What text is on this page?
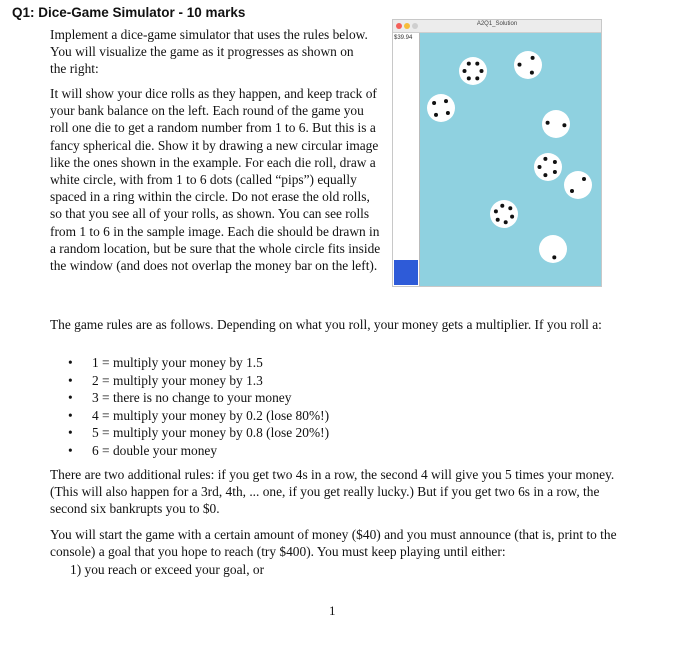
Q1: Dice-Game Simulator - 10 marks

Implement a dice-game simulator that uses the rules below. You will visualize the game as it progresses as shown on the right:

It will show your dice rolls as they happen, and keep track of your bank balance on the left. Each round of the game you roll one die to get a random number from 1 to 6. But this is a fancy spherical die. Show it by drawing a new circular image like the ones shown in the example. For each die roll, draw a white circle, with from 1 to 6 dots (called “pips”) equally spaced in a ring within the circle. Do not erase the old rolls, so that you see all of your rolls, as shown. You can see rolls from 1 to 6 in the sample image. Each die should be drawn in a random location, but be sure that the whole circle fits inside the window (and does not overlap the money bar on the left).

A2Q1_Solution
$39.94

The game rules are as follows. Depending on what you roll, your money gets a multiplier. If you roll a:

• 1 = multiply your money by 1.5
• 2 = multiply your money by 1.3
• 3 = there is no change to your money
• 4 = multiply your money by 0.2 (lose 80%!)
• 5 = multiply your money by 0.8 (lose 20%!)
• 6 = double your money

There are two additional rules: if you get two 4s in a row, the second 4 will give you 5 times your money. (This will also happen for a 3rd, 4th, ... one, if you get really lucky.) But if you get two 6s in a row, the second six bankrupts you to $0.

You will start the game with a certain amount of money ($40) and you must announce (that is, print to the console) a goal that you hope to reach (try $400). You must keep playing until either:

1) you reach or exceed your goal, or

1
